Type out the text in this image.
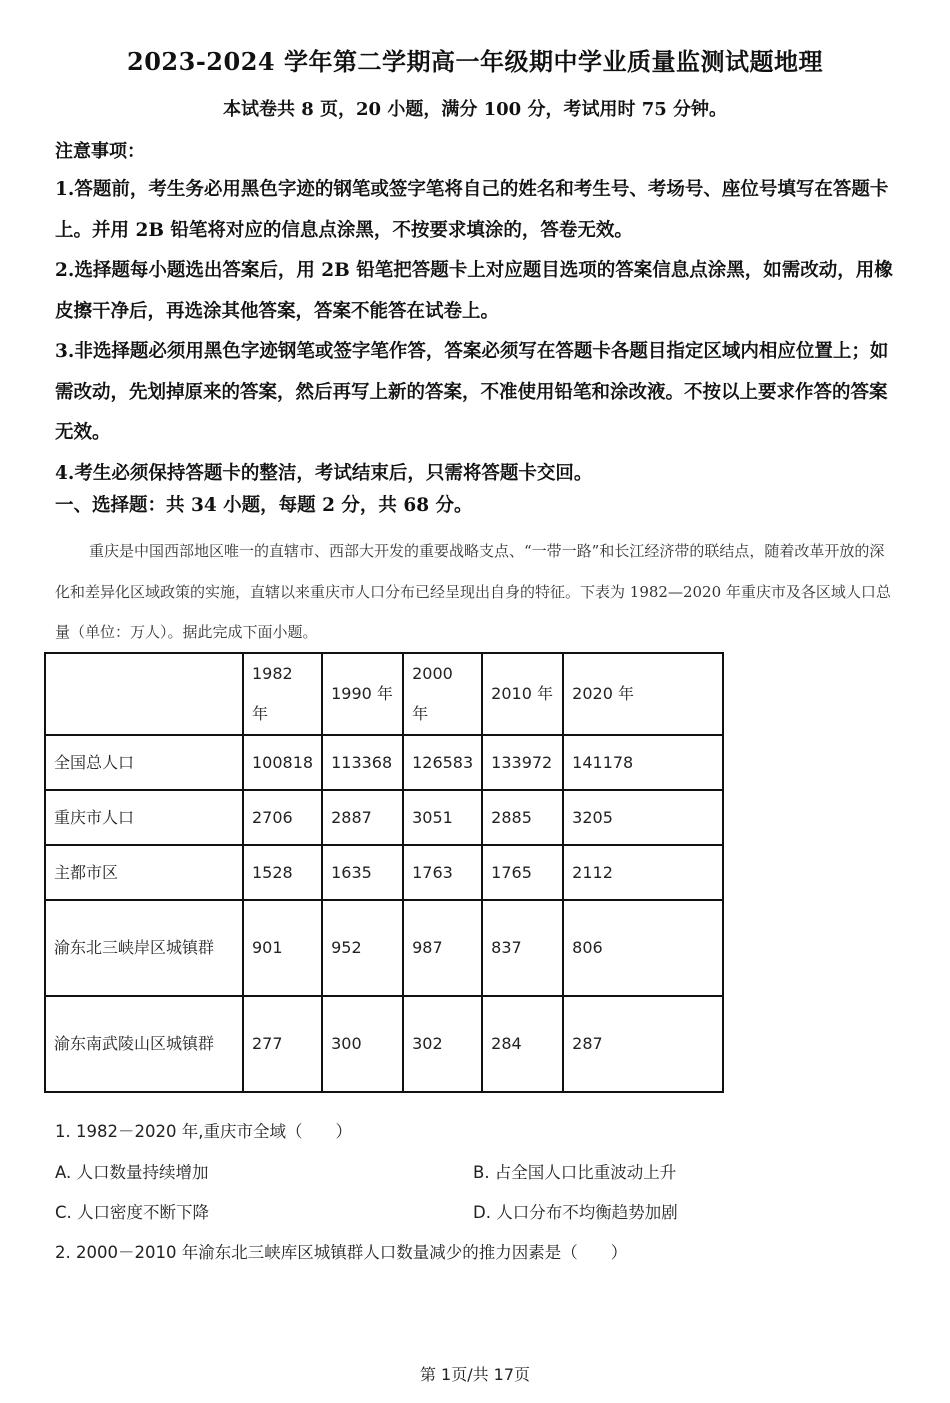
2023-2024 学年第二学期高一年级期中学业质量监测试题地理
本试卷共 8 页，20 小题，满分 100 分，考试用时 75 分钟。
注意事项：

1.答题前，考生务必用黑色字迹的钢笔或签字笔将自己的姓名和考生号、考场号、座位号填写在答题卡上。并用 2B 铅笔将对应的信息点涂黑，不按要求填涂的，答卷无效。

2.选择题每小题选出答案后，用 2B 铅笔把答题卡上对应题目选项的答案信息点涂黑，如需改动，用橡皮擦干净后，再选涂其他答案，答案不能答在试卷上。

3.非选择题必须用黑色字迹钢笔或签字笔作答，答案必须写在答题卡各题目指定区域内相应位置上；如需改动，先划掉原来的答案，然后再写上新的答案，不准使用铅笔和涂改液。不按以上要求作答的答案无效。

4.考生必须保持答题卡的整洁，考试结束后，只需将答题卡交回。

一、选择题：共 34 小题，每题 2 分，共 68 分。
重庆是中国西部地区唯一的直辖市、西部大开发的重要战略支点、“一带一路”和长江经济带的联结点，随着改革开放的深化和差异化区域政策的实施，直辖以来重庆市人口分布已经呈现出自身的特征。下表为 1982—2020 年重庆市及各区域人口总量（单位：万人）。据此完成下面小题。
	1982 年	1990 年	2000 年	2010 年	2020 年
全国总人口	100818	113368	126583	133972	141178
重庆市人口	2706	2887	3051	2885	3205
主都市区	1528	1635	1763	1765	2112
渝东北三峡岸区城镇群	901	952	987	837	806
渝东南武陵山区城镇群	277	300	302	284	287
1. 1982－2020 年,重庆市全域（　　）
A. 人口数量持续增加	B. 占全国人口比重波动上升
C. 人口密度不断下降	D. 人口分布不均衡趋势加剧
2. 2000－2010 年渝东北三峡库区城镇群人口数量减少的推力因素是（　　）
第 1页/共 17页
